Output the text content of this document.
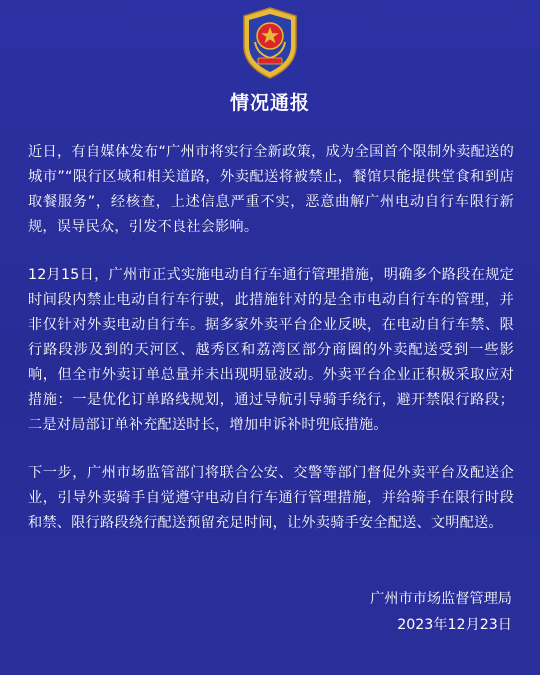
情况通报

近日，有自媒体发布“广州市将实行全新政策，成为全国首个限制外卖配送的城市”“限行区域和相关道路，外卖配送将被禁止，餐馆只能提供堂食和到店取餐服务”，经核查，上述信息严重不实，恶意曲解广州电动自行车限行新规，误导民众，引发不良社会影响。

12月15日，广州市正式实施电动自行车通行管理措施，明确多个路段在规定时间段内禁止电动自行车行驶，此措施针对的是全市电动自行车的管理，并非仅针对外卖电动自行车。据多家外卖平台企业反映，在电动自行车禁、限行路段涉及到的天河区、越秀区和荔湾区部分商圈的外卖配送受到一些影响，但全市外卖订单总量并未出现明显波动。外卖平台企业正积极采取应对措施：一是优化订单路线规划，通过导航引导骑手绕行，避开禁限行路段；二是对局部订单补充配送时长，增加申诉补时兜底措施。

下一步，广州市场监管部门将联合公安、交警等部门督促外卖平台及配送企业，引导外卖骑手自觉遵守电动自行车通行管理措施，并给骑手在限行时段和禁、限行路段绕行配送预留充足时间，让外卖骑手安全配送、文明配送。

广州市市场监督管理局
2023年12月23日
